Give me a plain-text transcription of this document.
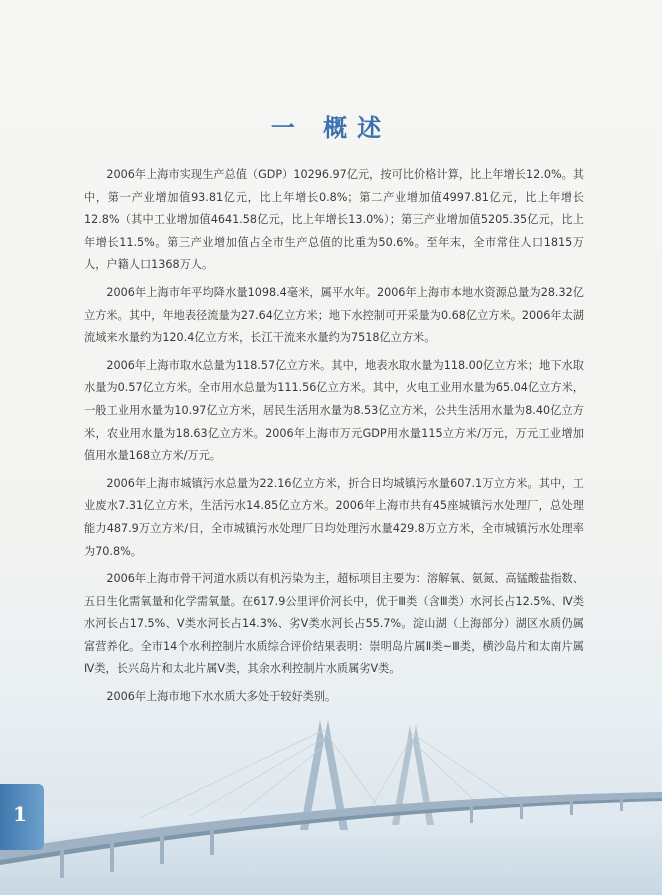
一 概述

2006年上海市实现生产总值（GDP）10296.97亿元，按可比价格计算，比上年增长12.0%。其中，第一产业增加值93.81亿元，比上年增长0.8%；第二产业增加值4997.81亿元，比上年增长12.8%（其中工业增加值4641.58亿元，比上年增长13.0%）；第三产业增加值5205.35亿元，比上年增长11.5%。第三产业增加值占全市生产总值的比重为50.6%。至年末，全市常住人口1815万人，户籍人口1368万人。

2006年上海市年平均降水量1098.4毫米，属平水年。2006年上海市本地水资源总量为28.32亿立方米。其中，年地表径流量为27.64亿立方米；地下水控制可开采量为0.68亿立方米。2006年太湖流域来水量约为120.4亿立方米，长江干流来水量约为7518亿立方米。

2006年上海市取水总量为118.57亿立方米。其中，地表水取水量为118.00亿立方米；地下水取水量为0.57亿立方米。全市用水总量为111.56亿立方米。其中，火电工业用水量为65.04亿立方米，一般工业用水量为10.97亿立方米，居民生活用水量为8.53亿立方米，公共生活用水量为8.40亿立方米，农业用水量为18.63亿立方米。2006年上海市万元GDP用水量115立方米/万元，万元工业增加值用水量168立方米/万元。

2006年上海市城镇污水总量为22.16亿立方米，折合日均城镇污水量607.1万立方米。其中，工业废水7.31亿立方米，生活污水14.85亿立方米。2006年上海市共有45座城镇污水处理厂，总处理能力487.9万立方米/日，全市城镇污水处理厂日均处理污水量429.8万立方米，全市城镇污水处理率为70.8%。

2006年上海市骨干河道水质以有机污染为主，超标项目主要为：溶解氧、氨氮、高锰酸盐指数、五日生化需氧量和化学需氧量。在617.9公里评价河长中，优于Ⅲ类（含Ⅲ类）水河长占12.5%、Ⅳ类水河长占17.5%、Ⅴ类水河长占14.3%、劣Ⅴ类水河长占55.7%。淀山湖（上海部分）湖区水质仍属富营养化。全市14个水利控制片水质综合评价结果表明：崇明岛片属Ⅱ类~Ⅲ类，横沙岛片和太南片属Ⅳ类，长兴岛片和太北片属Ⅴ类，其余水利控制片水质属劣Ⅴ类。

2006年上海市地下水水质大多处于较好类别。

1
